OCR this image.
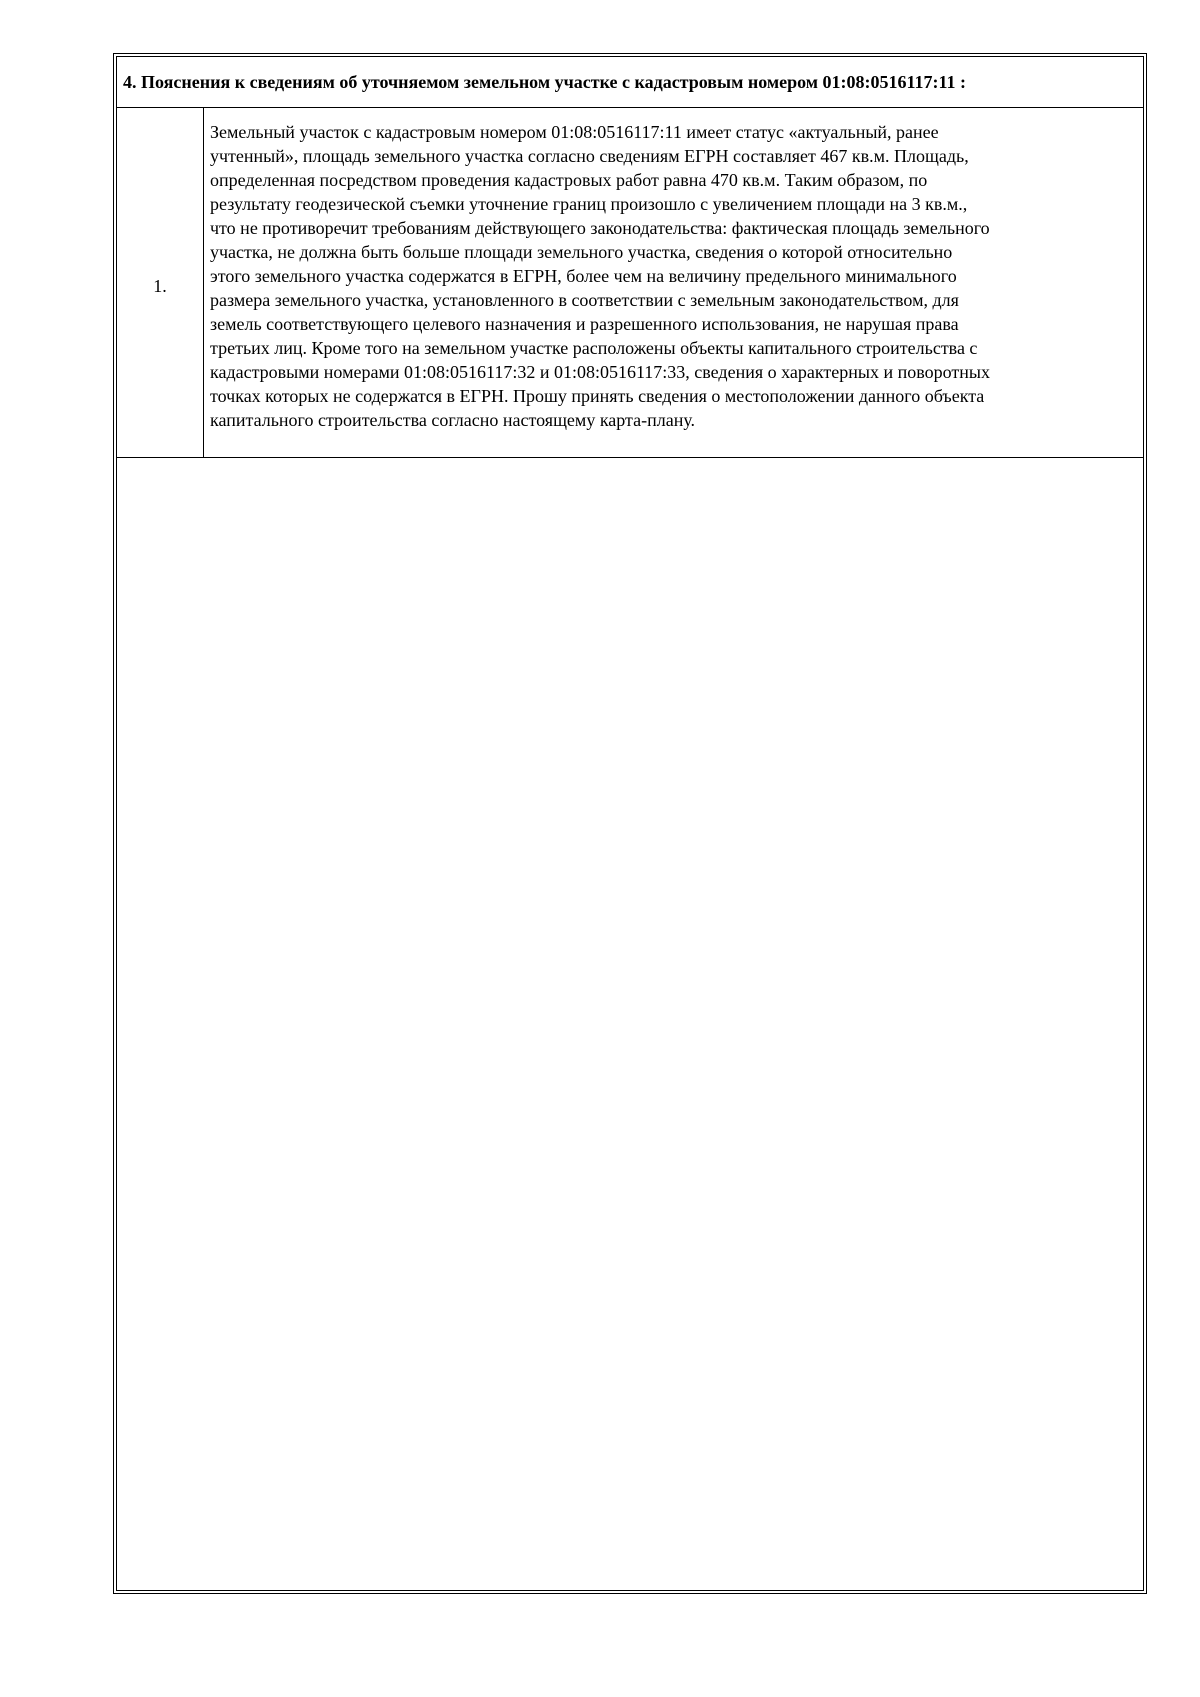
4. Пояснения к сведениям об уточняемом земельном участке с кадастровым номером 01:08:0516117:11 :
1.
Земельный участок с кадастровым номером 01:08:0516117:11 имеет статус «актуальный, ранее
учтенный», площадь земельного участка согласно сведениям ЕГРН составляет 467 кв.м. Площадь,
определенная посредством проведения кадастровых работ равна 470 кв.м. Таким образом, по
результату геодезической съемки уточнение границ произошло с увеличением площади на 3 кв.м.,
что не противоречит требованиям действующего законодательства: фактическая площадь земельного
участка, не должна быть больше площади земельного участка, сведения о которой относительно
этого земельного участка содержатся в ЕГРН, более чем на величину предельного минимального
размера земельного участка, установленного в соответствии с земельным законодательством, для
земель соответствующего целевого назначения и разрешенного использования, не нарушая права
третьих лиц. Кроме того на земельном участке расположены объекты капитального строительства с
кадастровыми номерами 01:08:0516117:32 и 01:08:0516117:33, сведения о характерных и поворотных
точках которых не содержатся в ЕГРН. Прошу принять сведения о местоположении данного объекта
капитального строительства согласно настоящему карта-плану.
